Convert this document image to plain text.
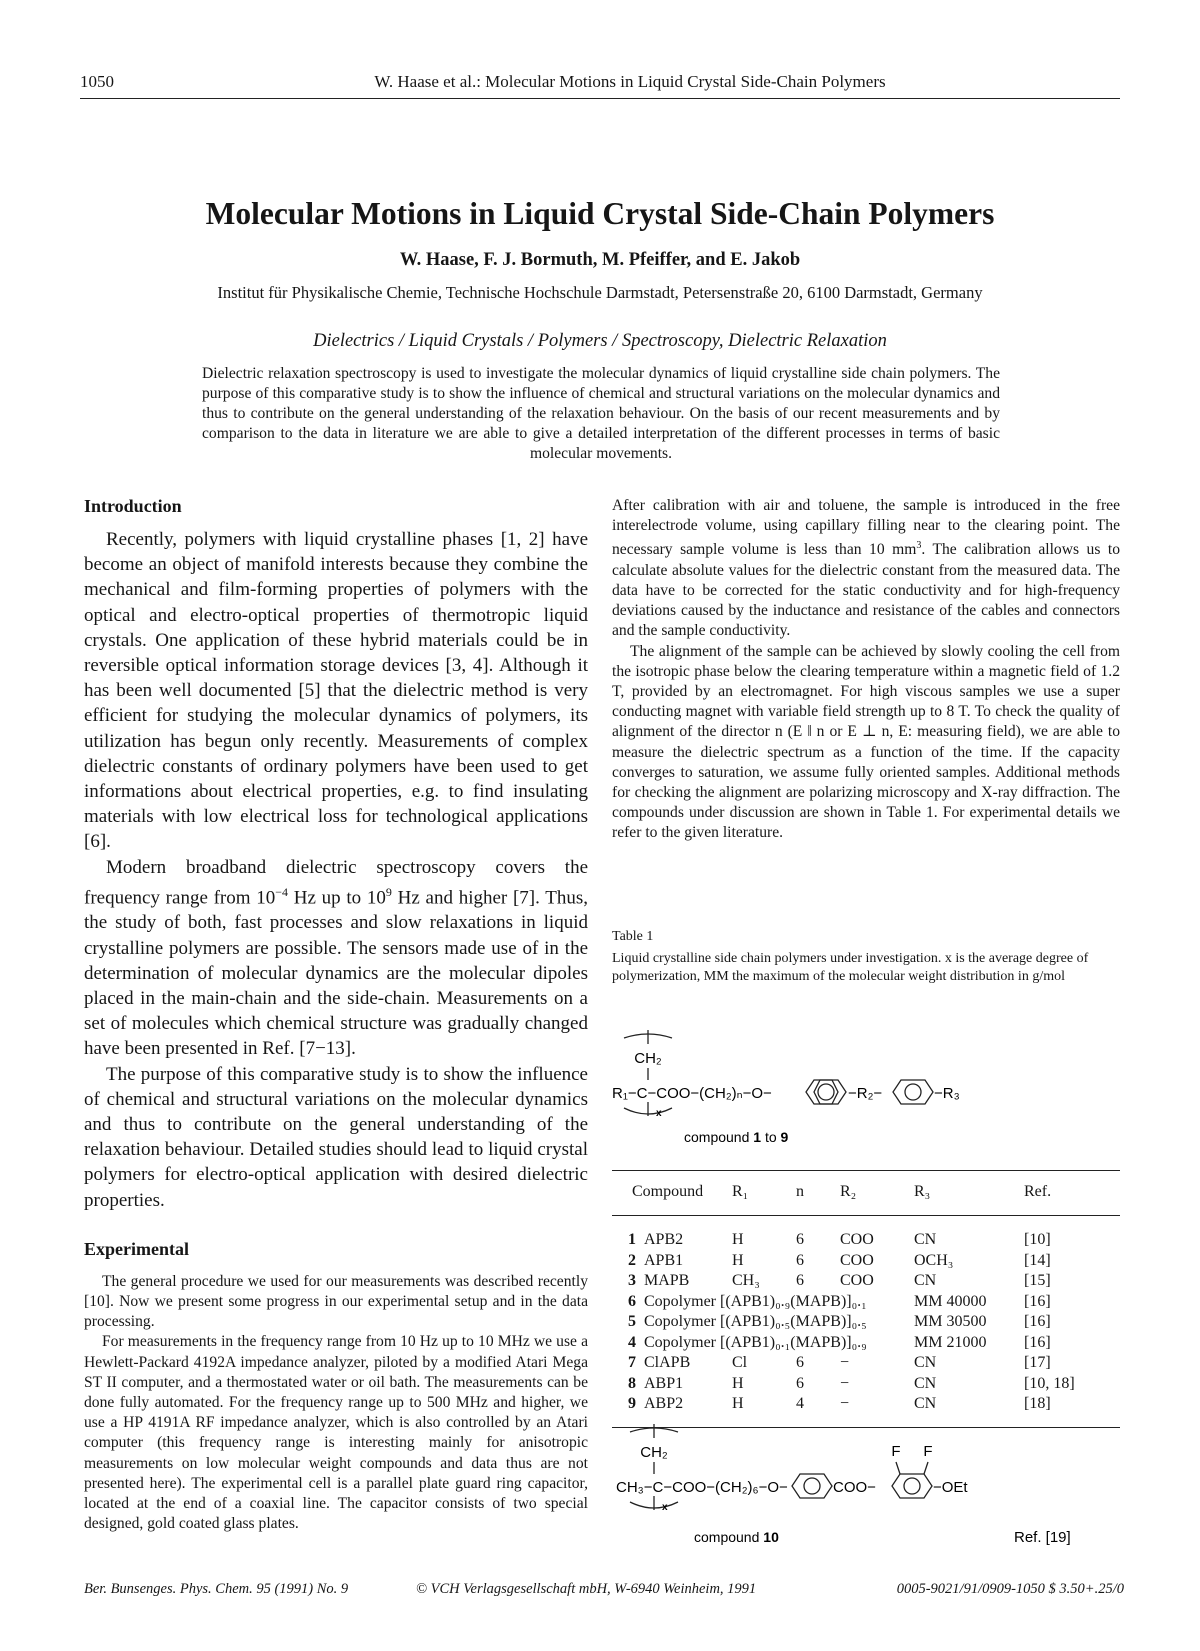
1050	W. Haase et al.: Molecular Motions in Liquid Crystal Side-Chain Polymers
Molecular Motions in Liquid Crystal Side-Chain Polymers
W. Haase, F. J. Bormuth, M. Pfeiffer, and E. Jakob
Institut für Physikalische Chemie, Technische Hochschule Darmstadt, Petersenstraße 20, 6100 Darmstadt, Germany
Dielectrics / Liquid Crystals / Polymers / Spectroscopy, Dielectric Relaxation
Dielectric relaxation spectroscopy is used to investigate the molecular dynamics of liquid crystalline side chain polymers. The purpose of this comparative study is to show the influence of chemical and structural variations on the molecular dynamics and thus to contribute on the general understanding of the relaxation behaviour. On the basis of our recent measurements and by comparison to the data in literature we are able to give a detailed interpretation of the different processes in terms of basic molecular movements.
Introduction

Recently, polymers with liquid crystalline phases [1, 2] have become an object of manifold interests because they combine the mechanical and film-forming properties of polymers with the optical and electro-optical properties of thermotropic liquid crystals. One application of these hybrid materials could be in reversible optical information storage devices [3, 4]. Although it has been well documented [5] that the dielectric method is very efficient for studying the molecular dynamics of polymers, its utilization has begun only recently. Measurements of complex dielectric constants of ordinary polymers have been used to get informations about electrical properties, e.g. to find insulating materials with low electrical loss for technological applications [6].

Modern broadband dielectric spectroscopy covers the frequency range from $10^{-4}$ Hz up to $10^9$ Hz and higher [7]. Thus, the study of both, fast processes and slow relaxations in liquid crystalline polymers are possible. The sensors made use of in the determination of molecular dynamics are the molecular dipoles placed in the main-chain and the side-chain. Measurements on a set of molecules which chemical structure was gradually changed have been presented in Ref. [7−13].

The purpose of this comparative study is to show the influence of chemical and structural variations on the molecular dynamics and thus to contribute on the general understanding of the relaxation behaviour. Detailed studies should lead to liquid crystal polymers for electro-optical application with desired dielectric properties.

Experimental

The general procedure we used for our measurements was described recently [10]. Now we present some progress in our experimental setup and in the data processing.

For measurements in the frequency range from 10 Hz up to 10 MHz we use a Hewlett-Packard 4192A impedance analyzer, piloted by a modified Atari Mega ST II computer, and a thermostated water or oil bath. The measurements can be done fully automated. For the frequency range up to 500 MHz and higher, we use a HP 4191A RF impedance analyzer, which is also controlled by an Atari computer (this frequency range is interesting mainly for anisotropic measurements on low molecular weight compounds and data thus are not presented here). The experimental cell is a parallel plate guard ring capacitor, located at the end of a coaxial line. The capacitor consists of two special designed, gold coated glass plates.

After calibration with air and toluene, the sample is introduced in the free interelectrode volume, using capillary filling near to the clearing point. The necessary sample volume is less than 10 $mm^3$. The calibration allows us to calculate absolute values for the dielectric constant from the measured data. The data have to be corrected for the static conductivity and for high-frequency deviations caused by the inductance and resistance of the cables and connectors and the sample conductivity.

The alignment of the sample can be achieved by slowly cooling the cell from the isotropic phase below the clearing temperature within a magnetic field of 1.2 T, provided by an electromagnet. For high viscous samples we use a super conducting magnet with variable field strength up to 8 T. To check the quality of alignment of the director n (E ‖ n or E ⊥ n, E: measuring field), we are able to measure the dielectric spectrum as a function of the time. If the capacity converges to saturation, we assume fully oriented samples. Additional methods for checking the alignment are polarizing microscopy and X-ray diffraction. The compounds under discussion are shown in Table 1. For experimental details we refer to the given literature.

Table 1
Liquid crystalline side chain polymers under investigation. x is the average degree of polymerization, MM the maximum of the molecular weight distribution in g/mol
CH₂
R₁−C−COO−(CH₂)ₙ−O−
x
−R₂−	−R₃
compound 1 to 9
Compound	R₁	n	R₂	R₃	Ref.
1 APB2	H	6	COO	CN	[10]
2 APB1	H	6	COO	OCH₃	[14]
3 MAPB	CH₃	6	COO	CN	[15]
6 Copolymer [(APB1)₀.₉(MAPB)]₀.₁				MM 40000	[16]
5 Copolymer [(APB1)₀.₅(MAPB)]₀.₅				MM 30500	[16]
4 Copolymer [(APB1)₀.₁(MAPB)]₀.₉				MM 21000	[16]
7 ClAPB	Cl	6	−	CN	[17]
8 ABP1	H	6	−	CN	[10, 18]
9 ABP2	H	4	−	CN	[18]
CH₂
CH₃−C−COO−(CH₂)₆−O−
x
COO−
F F
−OEt
compound 10	Ref. [19]
Ber. Bunsenges. Phys. Chem. 95 (1991) No. 9	© VCH Verlagsgesellschaft mbH, W-6940 Weinheim, 1991	0005-9021/91/0909-1050 $ 3.50+.25/0
